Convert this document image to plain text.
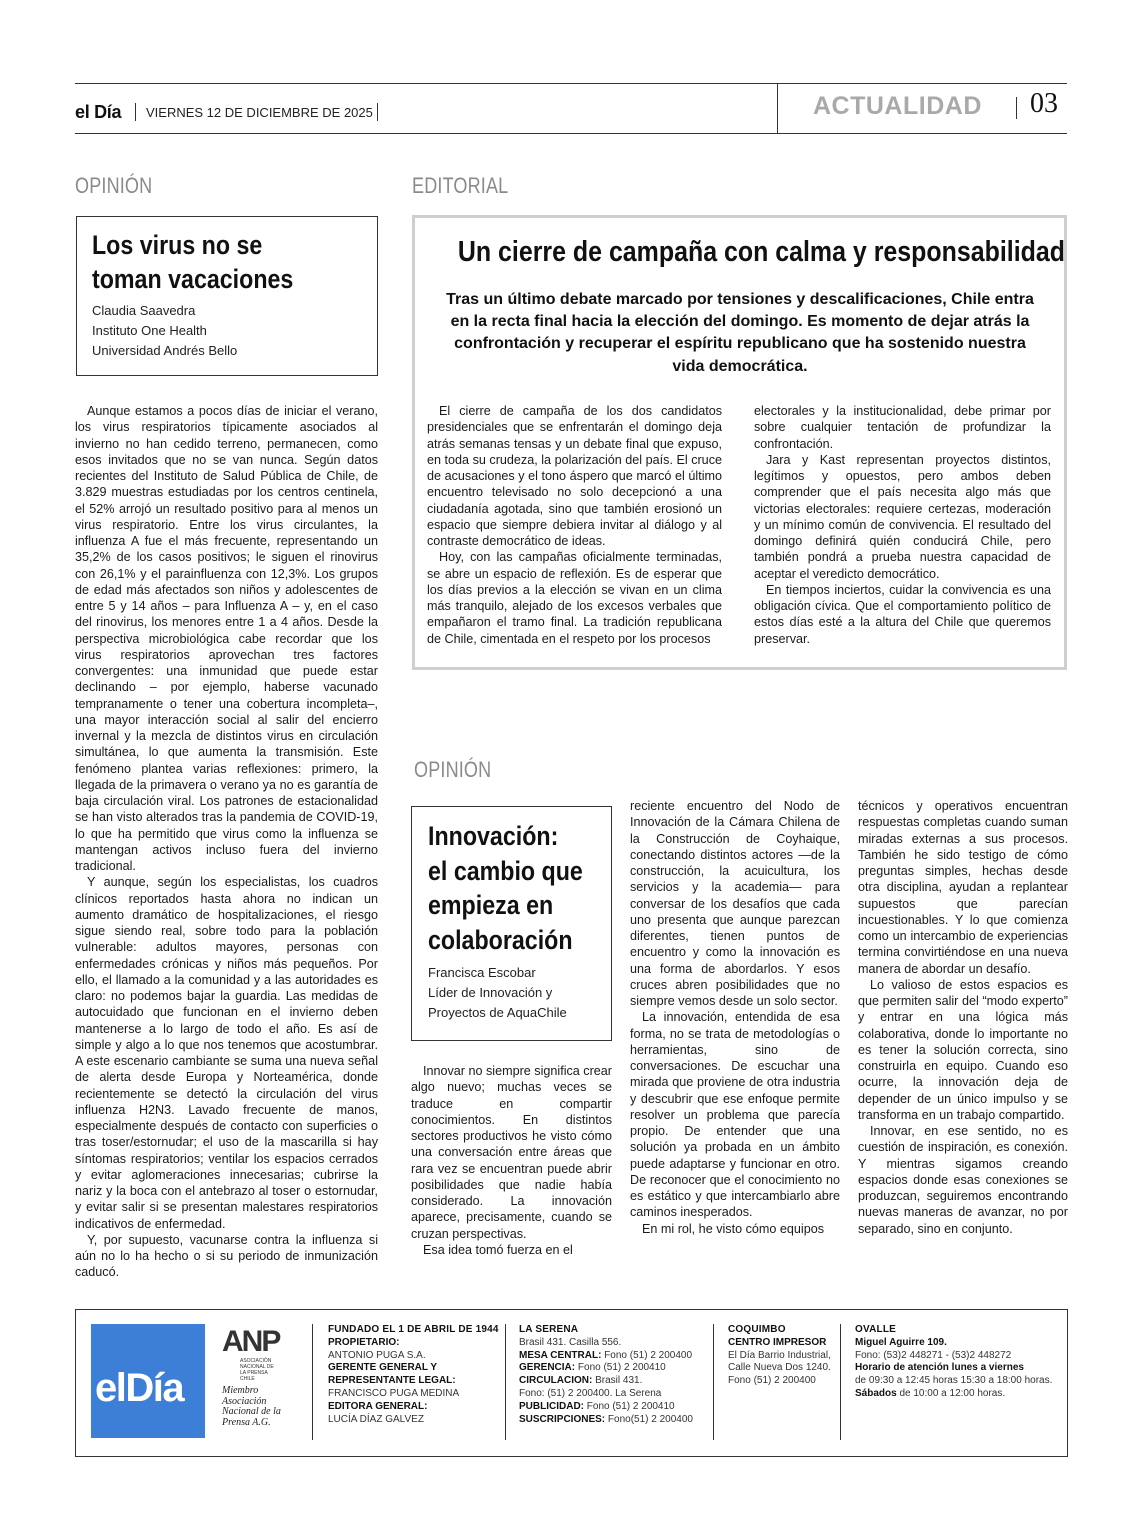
el Día VIERNES 12 DE DICIEMBRE DE 2025	ACTUALIDAD 03
OPINIÓN
Los virus no se
toman vacaciones
Claudia Saavedra
Instituto One Health
Universidad Andrés Bello

Aunque estamos a pocos días de iniciar el verano, los virus respiratorios típicamente asociados al invierno no han cedido terreno, permanecen, como esos invitados que no se van nunca. Según datos recientes del Instituto de Salud Pública de Chile, de 3.829 muestras estudiadas por los centros centinela, el 52% arrojó un resultado positivo para al menos un virus respiratorio. Entre los virus circulantes, la influenza A fue el más frecuente, representando un 35,2% de los casos positivos; le siguen el rinovirus con 26,1% y el parainfluenza con 12,3%. Los grupos de edad más afectados son niños y adolescentes de entre 5 y 14 años – para Influenza A – y, en el caso del rinovirus, los menores entre 1 a 4 años. Desde la perspectiva microbiológica cabe recordar que los virus respiratorios aprovechan tres factores convergentes: una inmunidad que puede estar declinando – por ejemplo, haberse vacunado tempranamente o tener una cobertura incompleta–, una mayor interacción social al salir del encierro invernal y la mezcla de distintos virus en circulación simultánea, lo que aumenta la transmisión. Este fenómeno plantea varias reflexiones: primero, la llegada de la primavera o verano ya no es garantía de baja circulación viral. Los patrones de estacionalidad se han visto alterados tras la pandemia de COVID-19, lo que ha permitido que virus como la influenza se mantengan activos incluso fuera del invierno tradicional.

Y aunque, según los especialistas, los cuadros clínicos reportados hasta ahora no indican un aumento dramático de hospitalizaciones, el riesgo sigue siendo real, sobre todo para la población vulnerable: adultos mayores, personas con enfermedades crónicas y niños más pequeños. Por ello, el llamado a la comunidad y a las autoridades es claro: no podemos bajar la guardia. Las medidas de autocuidado que funcionan en el invierno deben mantenerse a lo largo de todo el año. Es así de simple y algo a lo que nos tenemos que acostumbrar. A este escenario cambiante se suma una nueva señal de alerta desde Europa y Norteamérica, donde recientemente se detectó la circulación del virus influenza H2N3. Lavado frecuente de manos, especialmente después de contacto con superficies o tras toser/estornudar; el uso de la mascarilla si hay síntomas respiratorios; ventilar los espacios cerrados y evitar aglomeraciones innecesarias; cubrirse la nariz y la boca con el antebrazo al toser o estornudar, y evitar salir si se presentan malestares respiratorios indicativos de enfermedad.

Y, por supuesto, vacunarse contra la influenza si aún no lo ha hecho o si su periodo de inmunización caducó.

EDITORIAL
Un cierre de campaña con calma y responsabilidad
Tras un último debate marcado por tensiones y descalificaciones, Chile entra en la recta final hacia la elección del domingo. Es momento de dejar atrás la confrontación y recuperar el espíritu republicano que ha sostenido nuestra vida democrática.

El cierre de campaña de los dos candidatos presidenciales que se enfrentarán el domingo deja atrás semanas tensas y un debate final que expuso, en toda su crudeza, la polarización del país. El cruce de acusaciones y el tono áspero que marcó el último encuentro televisado no solo decepcionó a una ciudadanía agotada, sino que también erosionó un espacio que siempre debiera invitar al diálogo y al contraste democrático de ideas.

Hoy, con las campañas oficialmente terminadas, se abre un espacio de reflexión. Es de esperar que los días previos a la elección se vivan en un clima más tranquilo, alejado de los excesos verbales que empañaron el tramo final. La tradición republicana de Chile, cimentada en el respeto por los procesos

electorales y la institucionalidad, debe primar por sobre cualquier tentación de profundizar la confrontación.

Jara y Kast representan proyectos distintos, legítimos y opuestos, pero ambos deben comprender que el país necesita algo más que victorias electorales: requiere certezas, moderación y un mínimo común de convivencia. El resultado del domingo definirá quién conducirá Chile, pero también pondrá a prueba nuestra capacidad de aceptar el veredicto democrático.

En tiempos inciertos, cuidar la convivencia es una obligación cívica. Que el comportamiento político de estos días esté a la altura del Chile que queremos preservar.

OPINIÓN
Innovación:
el cambio que
empieza en
colaboración
Francisca Escobar
Líder de Innovación y
Proyectos de AquaChile

Innovar no siempre significa crear algo nuevo; muchas veces se traduce en compartir conocimientos. En distintos sectores productivos he visto cómo una conversación entre áreas que rara vez se encuentran puede abrir posibilidades que nadie había considerado. La innovación aparece, precisamente, cuando se cruzan perspectivas.

Esa idea tomó fuerza en el

reciente encuentro del Nodo de Innovación de la Cámara Chilena de la Construcción de Coyhaique, conectando distintos actores —de la construcción, la acuicultura, los servicios y la academia— para conversar de los desafíos que cada uno presenta que aunque parezcan diferentes, tienen puntos de encuentro y como la innovación es una forma de abordarlos. Y esos cruces abren posibilidades que no siempre vemos desde un solo sector.

La innovación, entendida de esa forma, no se trata de metodologías o herramientas, sino de conversaciones. De escuchar una mirada que proviene de otra industria y descubrir que ese enfoque permite resolver un problema que parecía propio. De entender que una solución ya probada en un ámbito puede adaptarse y funcionar en otro. De reconocer que el conocimiento no es estático y que intercambiarlo abre caminos inesperados.

En mi rol, he visto cómo equipos

técnicos y operativos encuentran respuestas completas cuando suman miradas externas a sus procesos. También he sido testigo de cómo preguntas simples, hechas desde otra disciplina, ayudan a replantear supuestos que parecían incuestionables. Y lo que comienza como un intercambio de experiencias termina convirtiéndose en una nueva manera de abordar un desafío.

Lo valioso de estos espacios es que permiten salir del “modo experto” y entrar en una lógica más colaborativa, donde lo importante no es tener la solución correcta, sino construirla en equipo. Cuando eso ocurre, la innovación deja de depender de un único impulso y se transforma en un trabajo compartido.

Innovar, en ese sentido, no es cuestión de inspiración, es conexión. Y mientras sigamos creando espacios donde esas conexiones se produzcan, seguiremos encontrando nuevas maneras de avanzar, no por separado, sino en conjunto.

elDía
ANP
ASOCIACIÓN NACIONAL DE LA PRENSA CHILE
Miembro Asociación Nacional de la Prensa A.G.
FUNDADO EL 1 DE ABRIL DE 1944
PROPIETARIO:
ANTONIO PUGA S.A.
GERENTE GENERAL Y
REPRESENTANTE LEGAL:
FRANCISCO PUGA MEDINA
EDITORA GENERAL:
LUCÍA DÍAZ GALVEZ
LA SERENA
Brasil 431. Casilla 556.
MESA CENTRAL: Fono (51) 2 200400
GERENCIA: Fono (51) 2 200410
CIRCULACION: Brasil 431.
Fono: (51) 2 200400. La Serena
PUBLICIDAD: Fono (51) 2 200410
SUSCRIPCIONES: Fono(51) 2 200400
COQUIMBO
CENTRO IMPRESOR
El Día Barrio Industrial,
Calle Nueva Dos 1240.
Fono (51) 2 200400
OVALLE
Miguel Aguirre 109.
Fono: (53)2 448271 - (53)2 448272
Horario de atención lunes a viernes
de 09:30 a 12:45 horas 15:30 a 18:00 horas.
Sábados de 10:00 a 12:00 horas.
